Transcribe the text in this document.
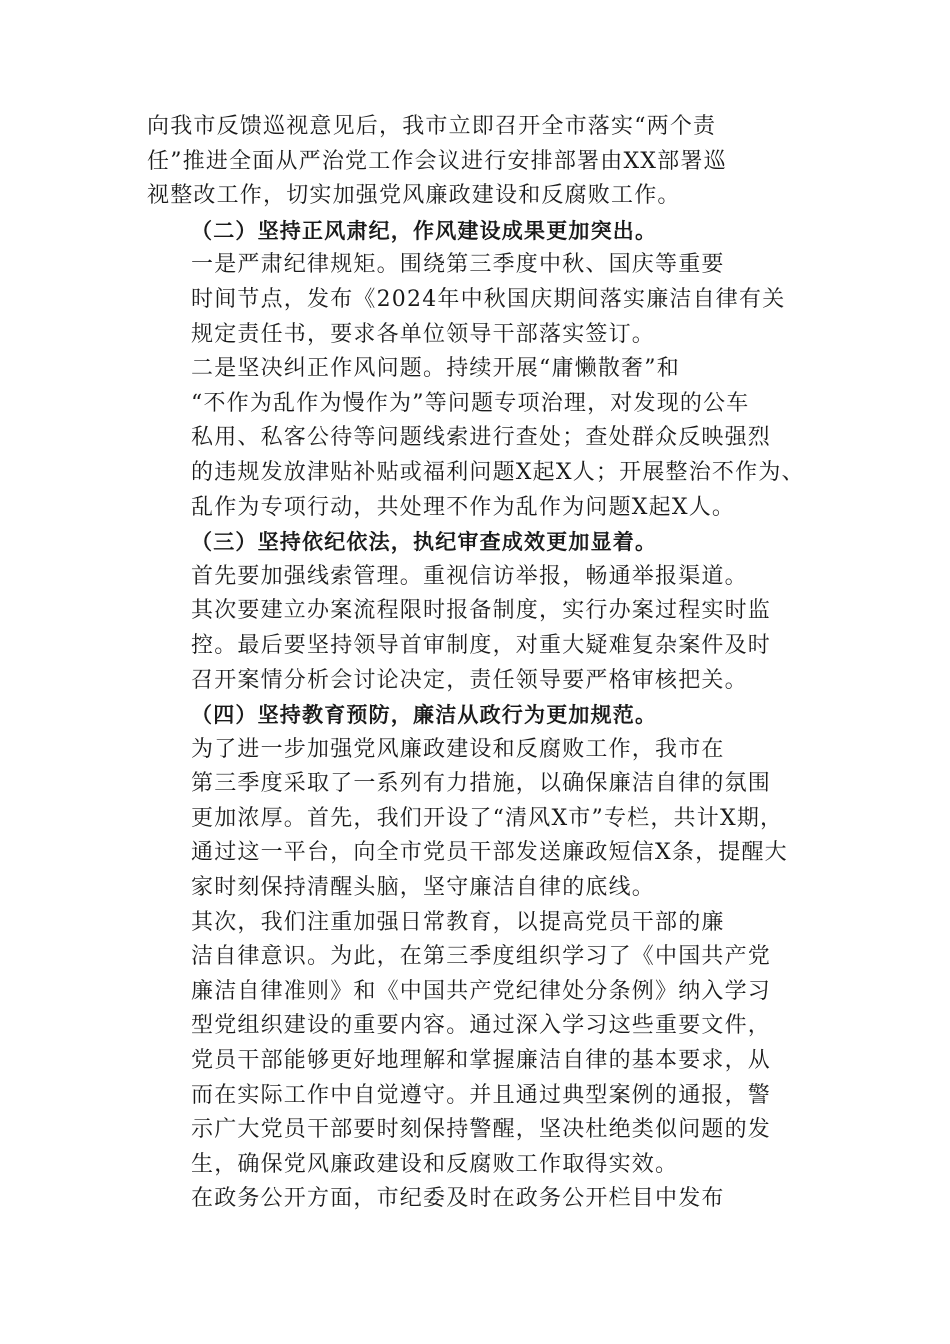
向我市反馈巡视意见后，我市立即召开全市落实“两个责
任”推进全面从严治党工作会议进行安排部署由XX部署巡
视整改工作，切实加强党风廉政建设和反腐败工作。

（二）坚持正风肃纪，作风建设成果更加突出。

一是严肃纪律规矩。围绕第三季度中秋、国庆等重要
时间节点，发布《2024年中秋国庆期间落实廉洁自律有关
规定责任书，要求各单位领导干部落实签订。

二是坚决纠正作风问题。持续开展“庸懒散奢”和
“不作为乱作为慢作为”等问题专项治理，对发现的公车
私用、私客公待等问题线索进行查处；查处群众反映强烈
的违规发放津贴补贴或福利问题X起X人；开展整治不作为、
乱作为专项行动，共处理不作为乱作为问题X起X人。

（三）坚持依纪依法，执纪审查成效更加显着。

首先要加强线索管理。重视信访举报，畅通举报渠道。
其次要建立办案流程限时报备制度，实行办案过程实时监
控。最后要坚持领导首审制度，对重大疑难复杂案件及时
召开案情分析会讨论决定，责任领导要严格审核把关。

（四）坚持教育预防，廉洁从政行为更加规范。

为了进一步加强党风廉政建设和反腐败工作，我市在
第三季度采取了一系列有力措施，以确保廉洁自律的氛围
更加浓厚。首先，我们开设了“清风X市”专栏，共计X期，
通过这一平台，向全市党员干部发送廉政短信X条，提醒大
家时刻保持清醒头脑，坚守廉洁自律的底线。

其次，我们注重加强日常教育，以提高党员干部的廉
洁自律意识。为此，在第三季度组织学习了《中国共产党
廉洁自律准则》和《中国共产党纪律处分条例》纳入学习
型党组织建设的重要内容。通过深入学习这些重要文件，
党员干部能够更好地理解和掌握廉洁自律的基本要求，从
而在实际工作中自觉遵守。并且通过典型案例的通报，警
示广大党员干部要时刻保持警醒，坚决杜绝类似问题的发
生，确保党风廉政建设和反腐败工作取得实效。

在政务公开方面，市纪委及时在政务公开栏目中发布
